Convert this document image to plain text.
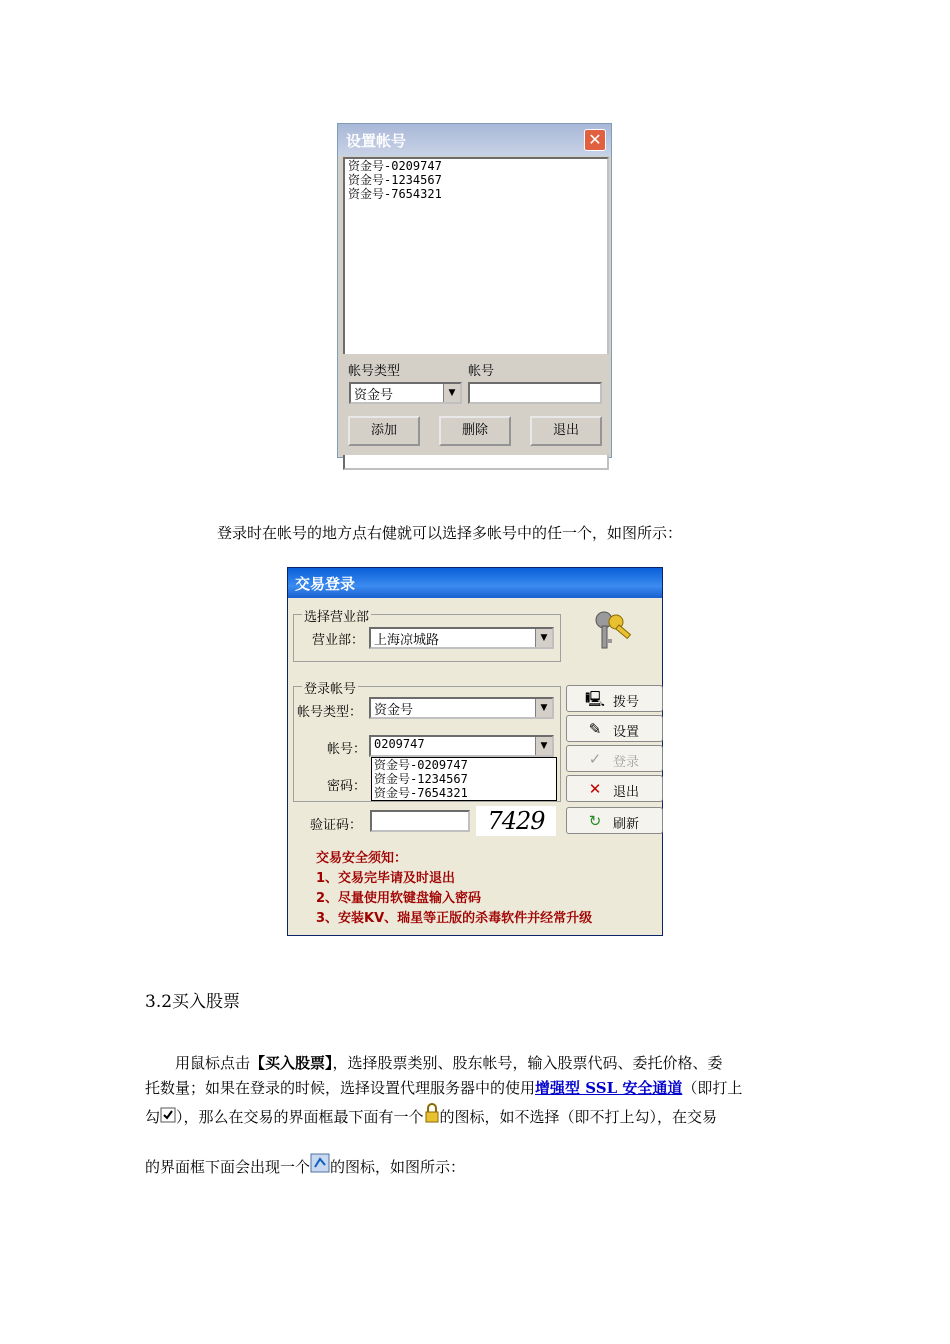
设置帐号	✕
资金号-0209747
资金号-1234567
资金号-7654321
帐号类型	帐号
资金号	▼
添加	删除	退出
登录时在帐号的地方点右健就可以选择多帐号中的任一个，如图所示：
交易登录
选择营业部
营业部： 上海凉城路	▼
登录帐号
帐号类型： 资金号	▼
帐号： 0209747	▼
资金号-0209747
资金号-1234567
资金号-7654321
密码：
验证码：	7429
🖳 拨号
✎ 设置
✓ 登录
✕ 退出
↻ 刷新
交易安全须知：
1、交易完毕请及时退出
2、尽量使用软键盘输入密码
3、安装KV、瑞星等正版的杀毒软件并经常升级
3.2买入股票
用鼠标点击【买入股票】，选择股票类别、股东帐号，输入股票代码、委托价格、委
托数量；如果在登录的时候，选择设置代理服务器中的使用增强型 SSL 安全通道（即打上
勾 ），那么在交易的界面框最下面有一个 的图标，如不选择（即不打上勾），在交易
的界面框下面会出现一个 的图标，如图所示：
